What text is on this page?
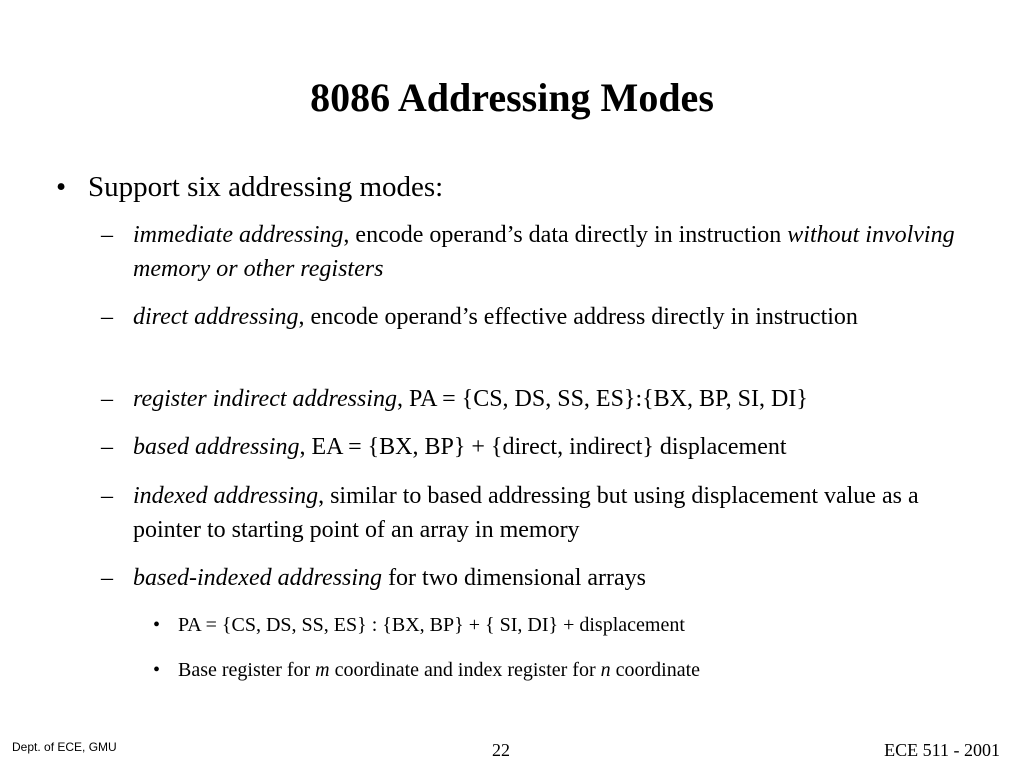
8086 Addressing Modes
• Support six addressing modes:
– immediate addressing, encode operand’s data directly in instruction without involving memory or other registers
– direct addressing, encode operand’s effective address directly in instruction
– register indirect addressing, PA = {CS, DS, SS, ES}:{BX, BP, SI, DI}
– based addressing, EA = {BX, BP} + {direct, indirect} displacement
– indexed addressing, similar to based addressing but using displacement value as a pointer to starting point of an array in memory
– based-indexed addressing for two dimensional arrays
• PA = {CS, DS, SS, ES} : {BX, BP} + { SI, DI} + displacement
• Base register for m coordinate and index register for n coordinate
Dept. of ECE, GMU	22	ECE 511 - 2001
